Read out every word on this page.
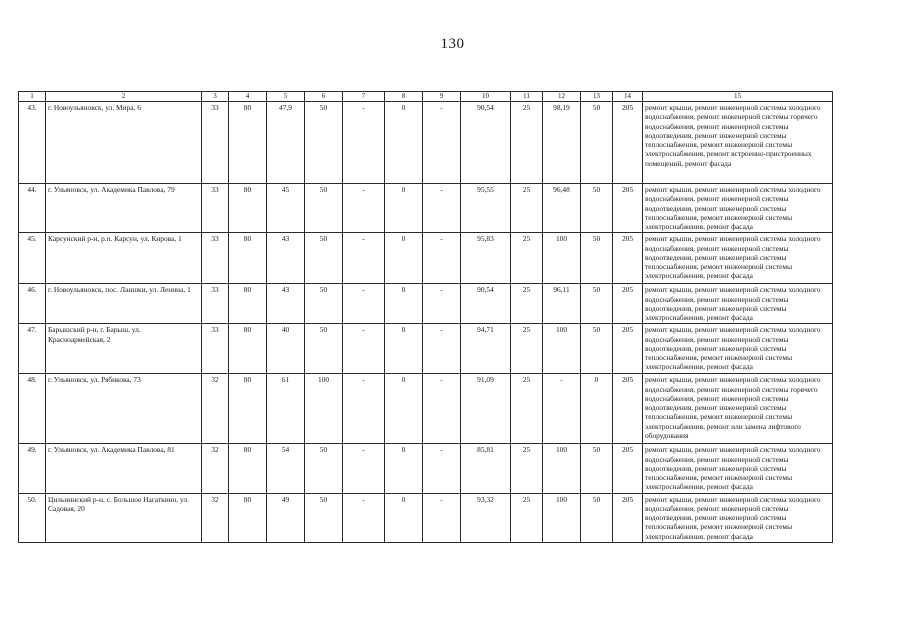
130
1	2	3	4	5	6	7	8	9	10	11	12	13	14	15
43.	г. Новоульяновск, ул. Мира, 6	33	80	47,9	50	-	0	-	90,54	25	98,19	50	205	ремонт крыши, ремонт инженерной системы холодного водоснабжения, ремонт инженерной системы горячего водоснабжения, ремонт инженерной системы водоотведения, ремонт инженерной системы теплоснабжения, ремонт инженерной системы электроснабжения, ремонт встроенно-пристроенных помещений, ремонт фасада
44.	г. Ульяновск, ул. Академика Павлова, 79	33	80	45	50	-	0	-	95,55	25	96,48	50	205	ремонт крыши, ремонт инженерной системы холодного водоснабжения, ремонт инженерной системы водоотведения, ремонт инженерной системы теплоснабжения, ремонт инженерной системы электроснабжения, ремонт фасада
45.	Карсунский р-н, р.п. Карсун, ул. Кирова, 1	33	80	43	50	-	0	-	95,83	25	100	50	205	ремонт крыши, ремонт инженерной системы холодного водоснабжения, ремонт инженерной системы водоотведения, ремонт инженерной системы теплоснабжения, ремонт инженерной системы электроснабжения, ремонт фасада
46.	г. Новоульяновск, пос. Лаишки, ул. Ленина, 1	33	80	43	50	-	0	-	90,54	25	96,11	50	205	ремонт крыши, ремонт инженерной системы холодного водоснабжения, ремонт инженерной системы водоотведения, ремонт инженерной системы электроснабжения, ремонт фасада
47.	Барышский р-н, г. Барыш, ул. Красноармейская, 2	33	80	40	50	-	0	-	94,71	25	100	50	205	ремонт крыши, ремонт инженерной системы холодного водоснабжения, ремонт инженерной системы водоотведения, ремонт инженерной системы теплоснабжения, ремонт инженерной системы электроснабжения, ремонт фасада
48.	г. Ульяновск, ул. Рябикова, 73	32	80	61	100	-	0	-	91,09	25	-	0	205	ремонт крыши, ремонт инженерной системы холодного водоснабжения, ремонт инженерной системы горячего водоснабжения, ремонт инженерной системы водоотведения, ремонт инженерной системы теплоснабжения, ремонт инженерной системы электроснабжения, ремонт или замена лифтового оборудования
49.	г. Ульяновск, ул. Академика Павлова, 81	32	80	54	50	-	0	-	85,81	25	100	50	205	ремонт крыши, ремонт инженерной системы холодного водоснабжения, ремонт инженерной системы водоотведения, ремонт инженерной системы теплоснабжения, ремонт инженерной системы электроснабжения, ремонт фасада
50.	Цильнинский р-н, с. Большое Нагаткино, ул. Садовая, 20	32	80	49	50	-	0	-	93,32	25	100	50	205	ремонт крыши, ремонт инженерной системы холодного водоснабжения, ремонт инженерной системы водоотведения, ремонт инженерной системы теплоснабжения, ремонт инженерной системы электроснабжения, ремонт фасада
